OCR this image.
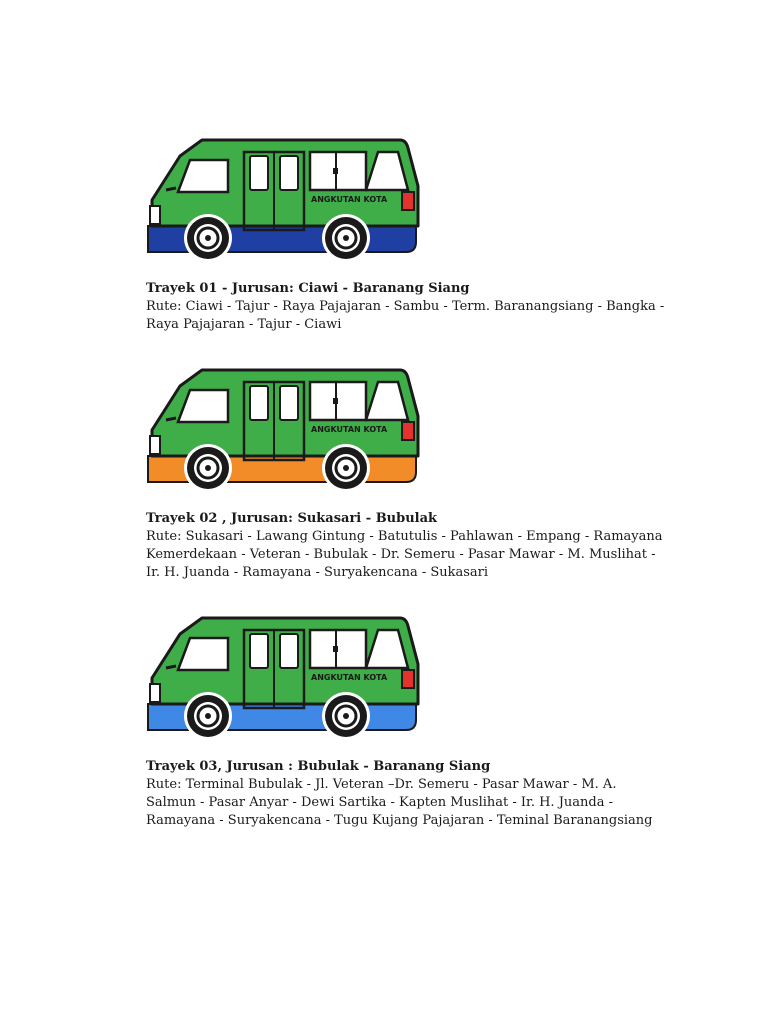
ANGKUTAN KOTA
Trayek 01 - Jurusan: Ciawi - Baranang Siang
Rute: Ciawi - Tajur - Raya Pajajaran - Sambu - Term. Baranangsiang - Bangka - Raya Pajajaran - Tajur - Ciawi
ANGKUTAN KOTA
Trayek 02 , Jurusan: Sukasari - Bubulak
Rute: Sukasari - Lawang Gintung - Batutulis - Pahlawan - Empang - Ramayana Kemerdekaan - Veteran - Bubulak - Dr. Semeru - Pasar Mawar - M. Muslihat - Ir. H. Juanda - Ramayana - Suryakencana - Sukasari
ANGKUTAN KOTA
Trayek 03, Jurusan : Bubulak - Baranang Siang
Rute: Terminal Bubulak - Jl. Veteran –Dr. Semeru - Pasar Mawar - M. A. Salmun - Pasar Anyar - Dewi Sartika - Kapten Muslihat - Ir. H. Juanda - Ramayana - Suryakencana - Tugu Kujang Pajajaran - Teminal Baranangsiang
